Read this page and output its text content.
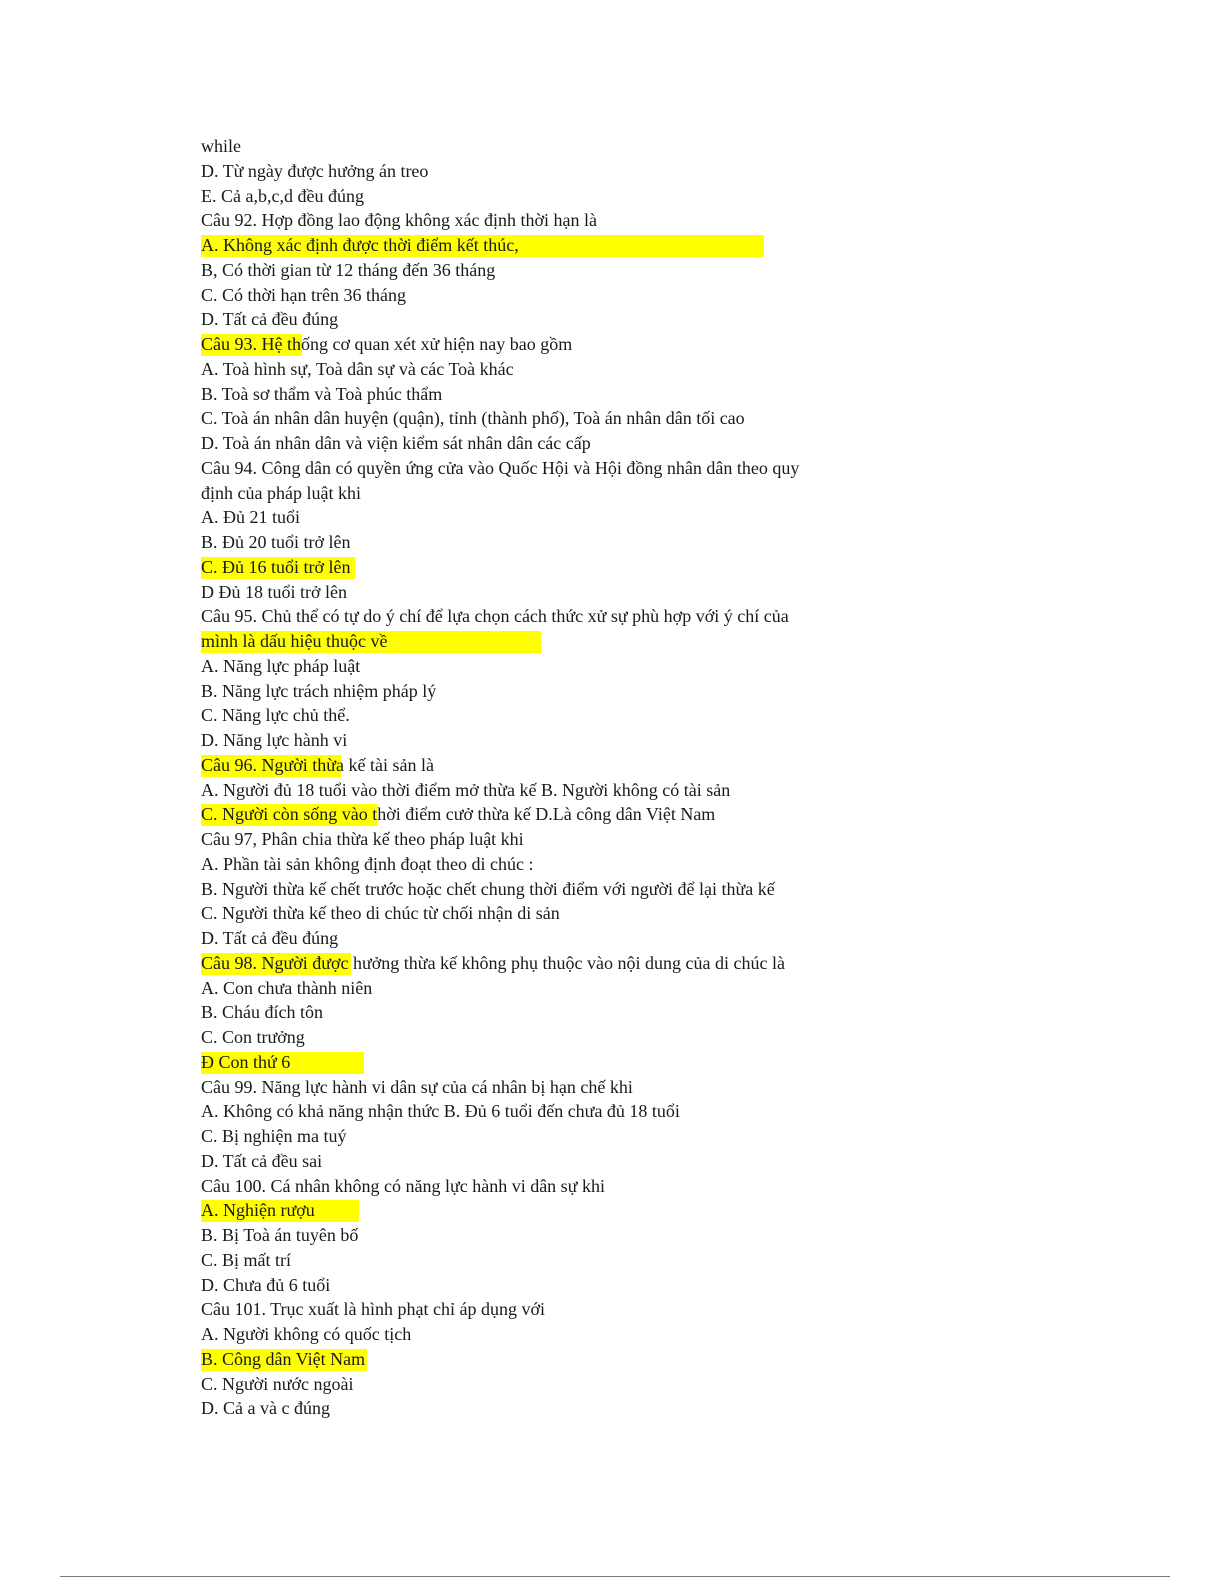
while
D. Từ ngày được hưởng án treo
E. Cả a,b,c,d đều đúng
Câu 92. Hợp đồng lao động không xác định thời hạn là
A. Không xác định được thời điểm kết thúc,
B, Có thời gian từ 12 tháng đến 36 tháng
C. Có thời hạn trên 36 tháng
D. Tất cả đều đúng
Câu 93. Hệ thống cơ quan xét xử hiện nay bao gồm
A. Toà hình sự, Toà dân sự và các Toà khác
B. Toà sơ thẩm và Toà phúc thẩm
C. Toà án nhân dân huyện (quận), tỉnh (thành phố), Toà án nhân dân tối cao
D. Toà án nhân dân và viện kiểm sát nhân dân các cấp
Câu 94. Công dân có quyền ứng cửa vào Quốc Hội và Hội đồng nhân dân theo quy
định của pháp luật khi
A. Đủ 21 tuổi
B. Đủ 20 tuổi trở lên
C. Đủ 16 tuổi trở lên
D Đủ 18 tuổi trở lên
Câu 95. Chủ thể có tự do ý chí để lựa chọn cách thức xử sự phù hợp với ý chí của
mình là dấu hiệu thuộc về
A. Năng lực pháp luật
B. Năng lực trách nhiệm pháp lý
C. Năng lực chủ thể.
D. Năng lực hành vi
Câu 96. Người thừa kế tài sản là
A. Người đủ 18 tuổi vào thời điểm mở thừa kế B. Người không có tài sản
C. Người còn sống vào thời điểm cưở thừa kế D.Là công dân Việt Nam
Câu 97, Phân chia thừa kế theo pháp luật khi
A. Phần tài sản không định đoạt theo di chúc :
B. Người thừa kế chết trước hoặc chết chung thời điểm với người để lại thừa kế
C. Người thừa kế theo di chúc từ chối nhận di sản
D. Tất cả đều đúng
Câu 98. Người được hưởng thừa kế không phụ thuộc vào nội dung của di chúc là
A. Con chưa thành niên
B. Cháu đích tôn
C. Con trưởng
Đ Con thứ 6
Câu 99. Năng lực hành vi dân sự của cá nhân bị hạn chế khi
A. Không có khả năng nhận thức B. Đủ 6 tuổi đến chưa đủ 18 tuổi
C. Bị nghiện ma tuý
D. Tất cả đều sai
Câu 100. Cá nhân không có năng lực hành vi dân sự khi
A. Nghiện rượu
B. Bị Toà án tuyên bố
C. Bị mất trí
D. Chưa đủ 6 tuổi
Câu 101. Trục xuất là hình phạt chỉ áp dụng với
A. Người không có quốc tịch
B. Công dân Việt Nam
C. Người nước ngoài
D. Cả a và c đúng
